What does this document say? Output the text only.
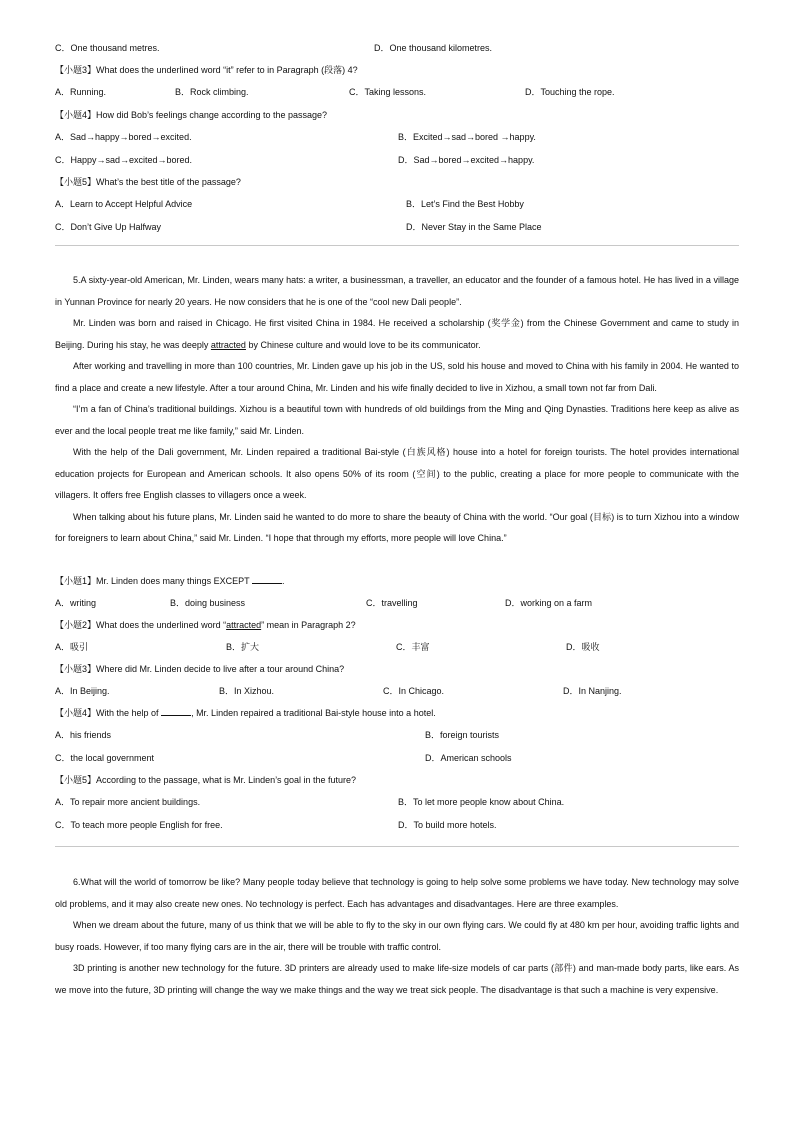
C．One thousand metres.	D．One thousand kilometres.
【小题3】What does the underlined word “it” refer to in Paragraph (段落) 4?
A．Running.	B．Rock climbing.	C．Taking lessons.	D．Touching the rope.
【小题4】How did Bob’s feelings change according to the passage?
A．Sad→happy→bored→excited.	B．Excited→sad→bored →happy.
C．Happy→sad→excited→bored.	D．Sad→bored→excited→happy.
【小题5】What’s the best title of the passage?
A．Learn to Accept Helpful Advice	B．Let’s Find the Best Hobby
C．Don’t Give Up Halfway	D．Never Stay in the Same Place

5.A sixty-year-old American, Mr. Linden, wears many hats: a writer, a businessman, a traveller, an educator and the founder of a famous hotel. He has lived in a village in Yunnan Province for nearly 20 years. He now considers that he is one of the “cool new Dali people”.

Mr. Linden was born and raised in Chicago. He first visited China in 1984. He received a scholarship (奖学金) from the Chinese Government and came to study in Beijing. During his stay, he was deeply attracted by Chinese culture and would love to be its communicator.

After working and travelling in more than 100 countries, Mr. Linden gave up his job in the US, sold his house and moved to China with his family in 2004. He wanted to find a place and create a new lifestyle. After a tour around China, Mr. Linden and his wife finally decided to live in Xizhou, a small town not far from Dali.

“I’m a fan of China’s traditional buildings. Xizhou is a beautiful town with hundreds of old buildings from the Ming and Qing Dynasties. Traditions here keep as alive as ever and the local people treat me like family,” said Mr. Linden.

With the help of the Dali government, Mr. Linden repaired a traditional Bai-style (白族风格) house into a hotel for foreign tourists. The hotel provides international education projects for European and American schools. It also opens 50% of its room (空间) to the public, creating a place for more people to communicate with the villagers. It offers free English classes to villagers once a week.

When talking about his future plans, Mr. Linden said he wanted to do more to share the beauty of China with the world. “Our goal (目标) is to turn Xizhou into a window for foreigners to learn about China,” said Mr. Linden. “I hope that through my efforts, more people will love China.”

【小题1】Mr. Linden does many things EXCEPT	.
A．writing	B．doing business	C．travelling	D．working on a farm
【小题2】What does the underlined word “attracted” mean in Paragraph 2?
A．吸引	B．扩大	C．丰富	D．吸收
【小题3】Where did Mr. Linden decide to live after a tour around China?
A．In Beijing.	B．In Xizhou.	C．In Chicago.	D．In Nanjing.
【小题4】With the help of	, Mr. Linden repaired a traditional Bai-style house into a hotel.
A．his friends	B．foreign tourists
C．the local government	D．American schools
【小题5】According to the passage, what is Mr. Linden’s goal in the future?
A．To repair more ancient buildings.	B．To let more people know about China.
C．To teach more people English for free.	D．To build more hotels.

6.What will the world of tomorrow be like? Many people today believe that technology is going to help solve some problems we have today. New technology may solve old problems, and it may also create new ones. No technology is perfect. Each has advantages and disadvantages. Here are three examples.

When we dream about the future, many of us think that we will be able to fly to the sky in our own flying cars. We could fly at 480 km per hour, avoiding traffic lights and busy roads. However, if too many flying cars are in the air, there will be trouble with traffic control.

3D printing is another new technology for the future. 3D printers are already used to make life-size models of car parts (部件) and man-made body parts, like ears. As we move into the future, 3D printing will change the way we make things and the way we treat sick people. The disadvantage is that such a machine is very expensive.
